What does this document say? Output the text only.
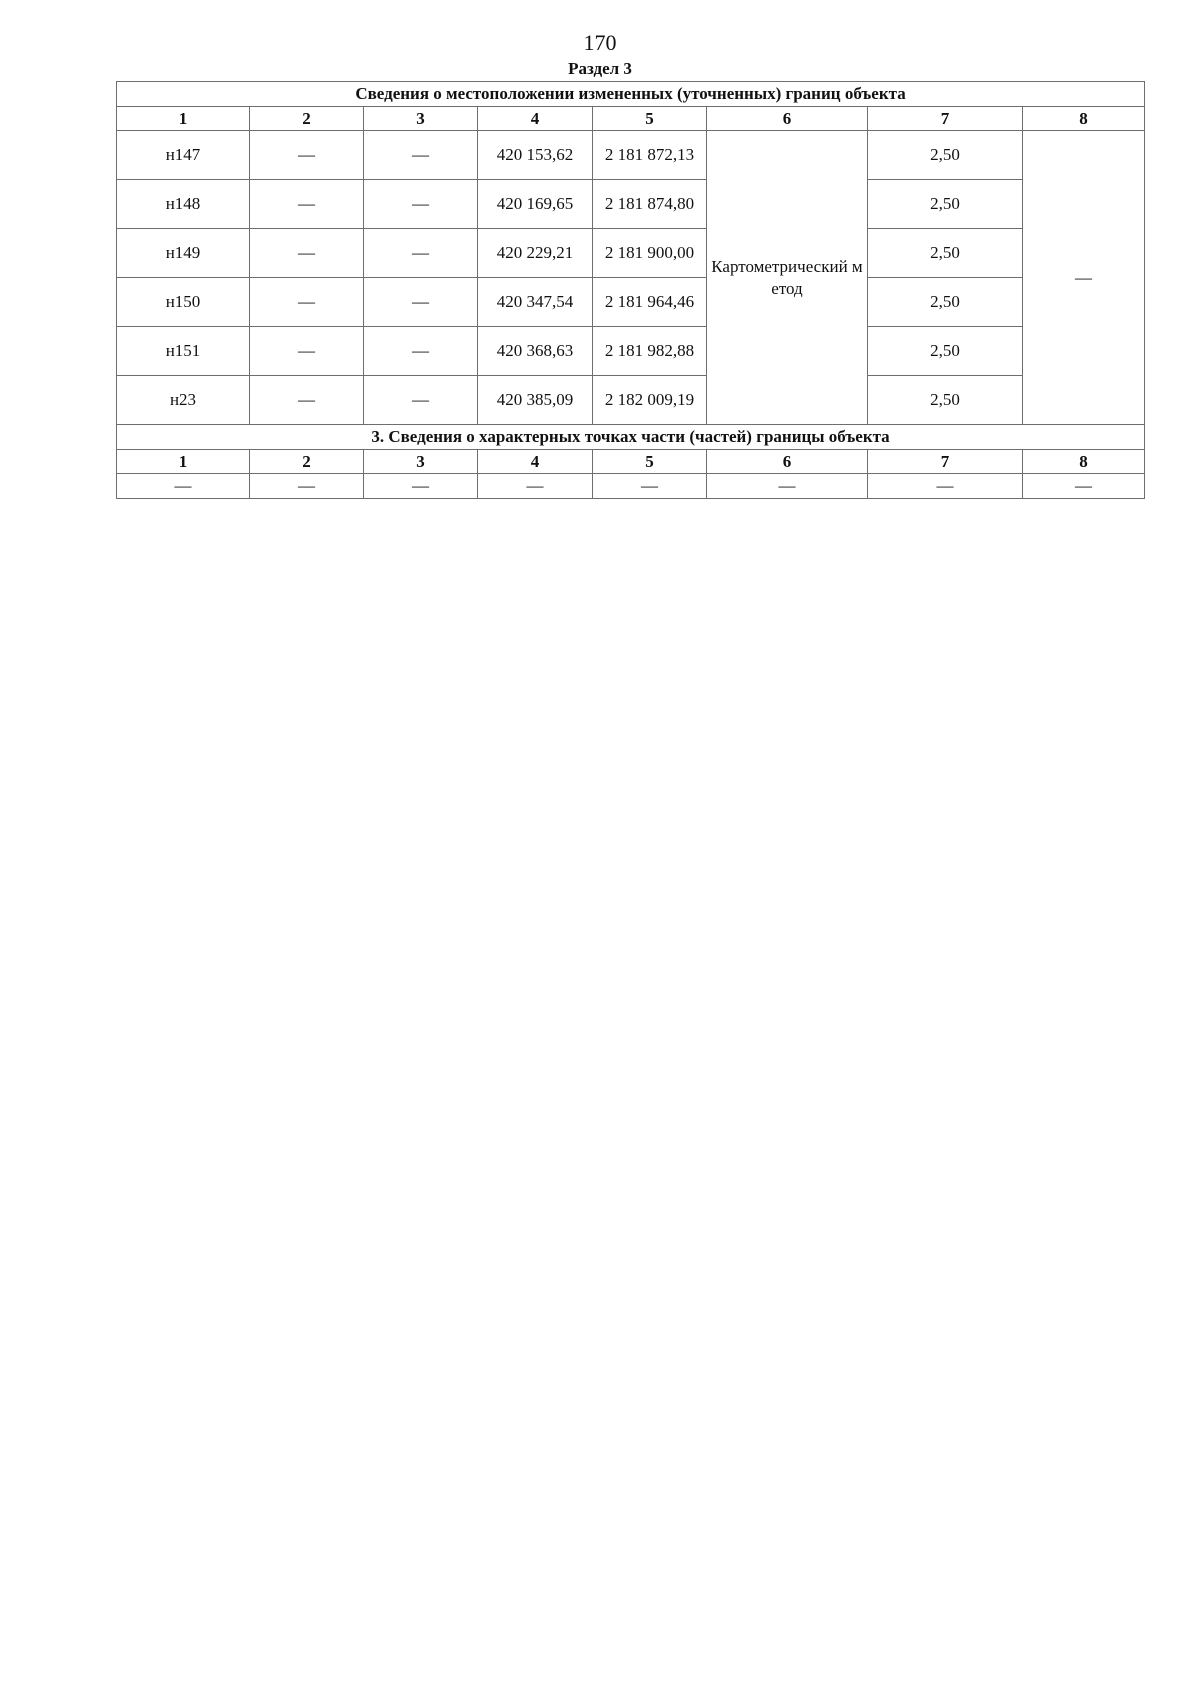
170
Раздел 3
Сведения о местоположении измененных (уточненных) границ объекта							
1	2	3	4	5	6	7	8
н147	—	—	420 153,62	2 181 872,13	Картометрический метод	2,50	—
н148	—	—	420 169,65	2 181 874,80		2,50	
н149	—	—	420 229,21	2 181 900,00		2,50	
н150	—	—	420 347,54	2 181 964,46		2,50	
н151	—	—	420 368,63	2 181 982,88		2,50	
н23	—	—	420 385,09	2 182 009,19		2,50	
3. Сведения о характерных точках части (частей) границы объекта							
1	2	3	4	5	6	7	8
—	—	—	—	—	—	—	—
